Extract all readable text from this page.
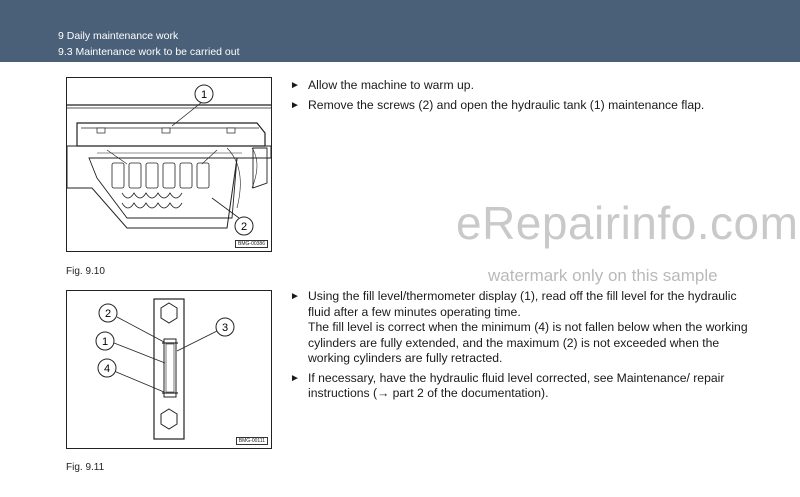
9 Daily maintenance work
9.3 Maintenance work to be carried out
1
2
BMG-00386
Fig. 9.10
2
1
4
3
BMG-00111
Fig. 9.11
► Allow the machine to warm up.
► Remove the screws (2) and open the hydraulic tank (1) maintenance flap.
► Using the fill level/thermometer display (1), read off the fill level for the hydraulic fluid after a few minutes operating time.
The fill level is correct when the minimum (4) is not fallen below when the working cylinders are fully extended, and the maximum (2) is not exceeded when the working cylinders are fully retracted.
► If necessary, have the hydraulic fluid level corrected, see Maintenance/ repair instructions (→ part 2 of the documentation).
eRepairinfo.com
watermark only on this sample
